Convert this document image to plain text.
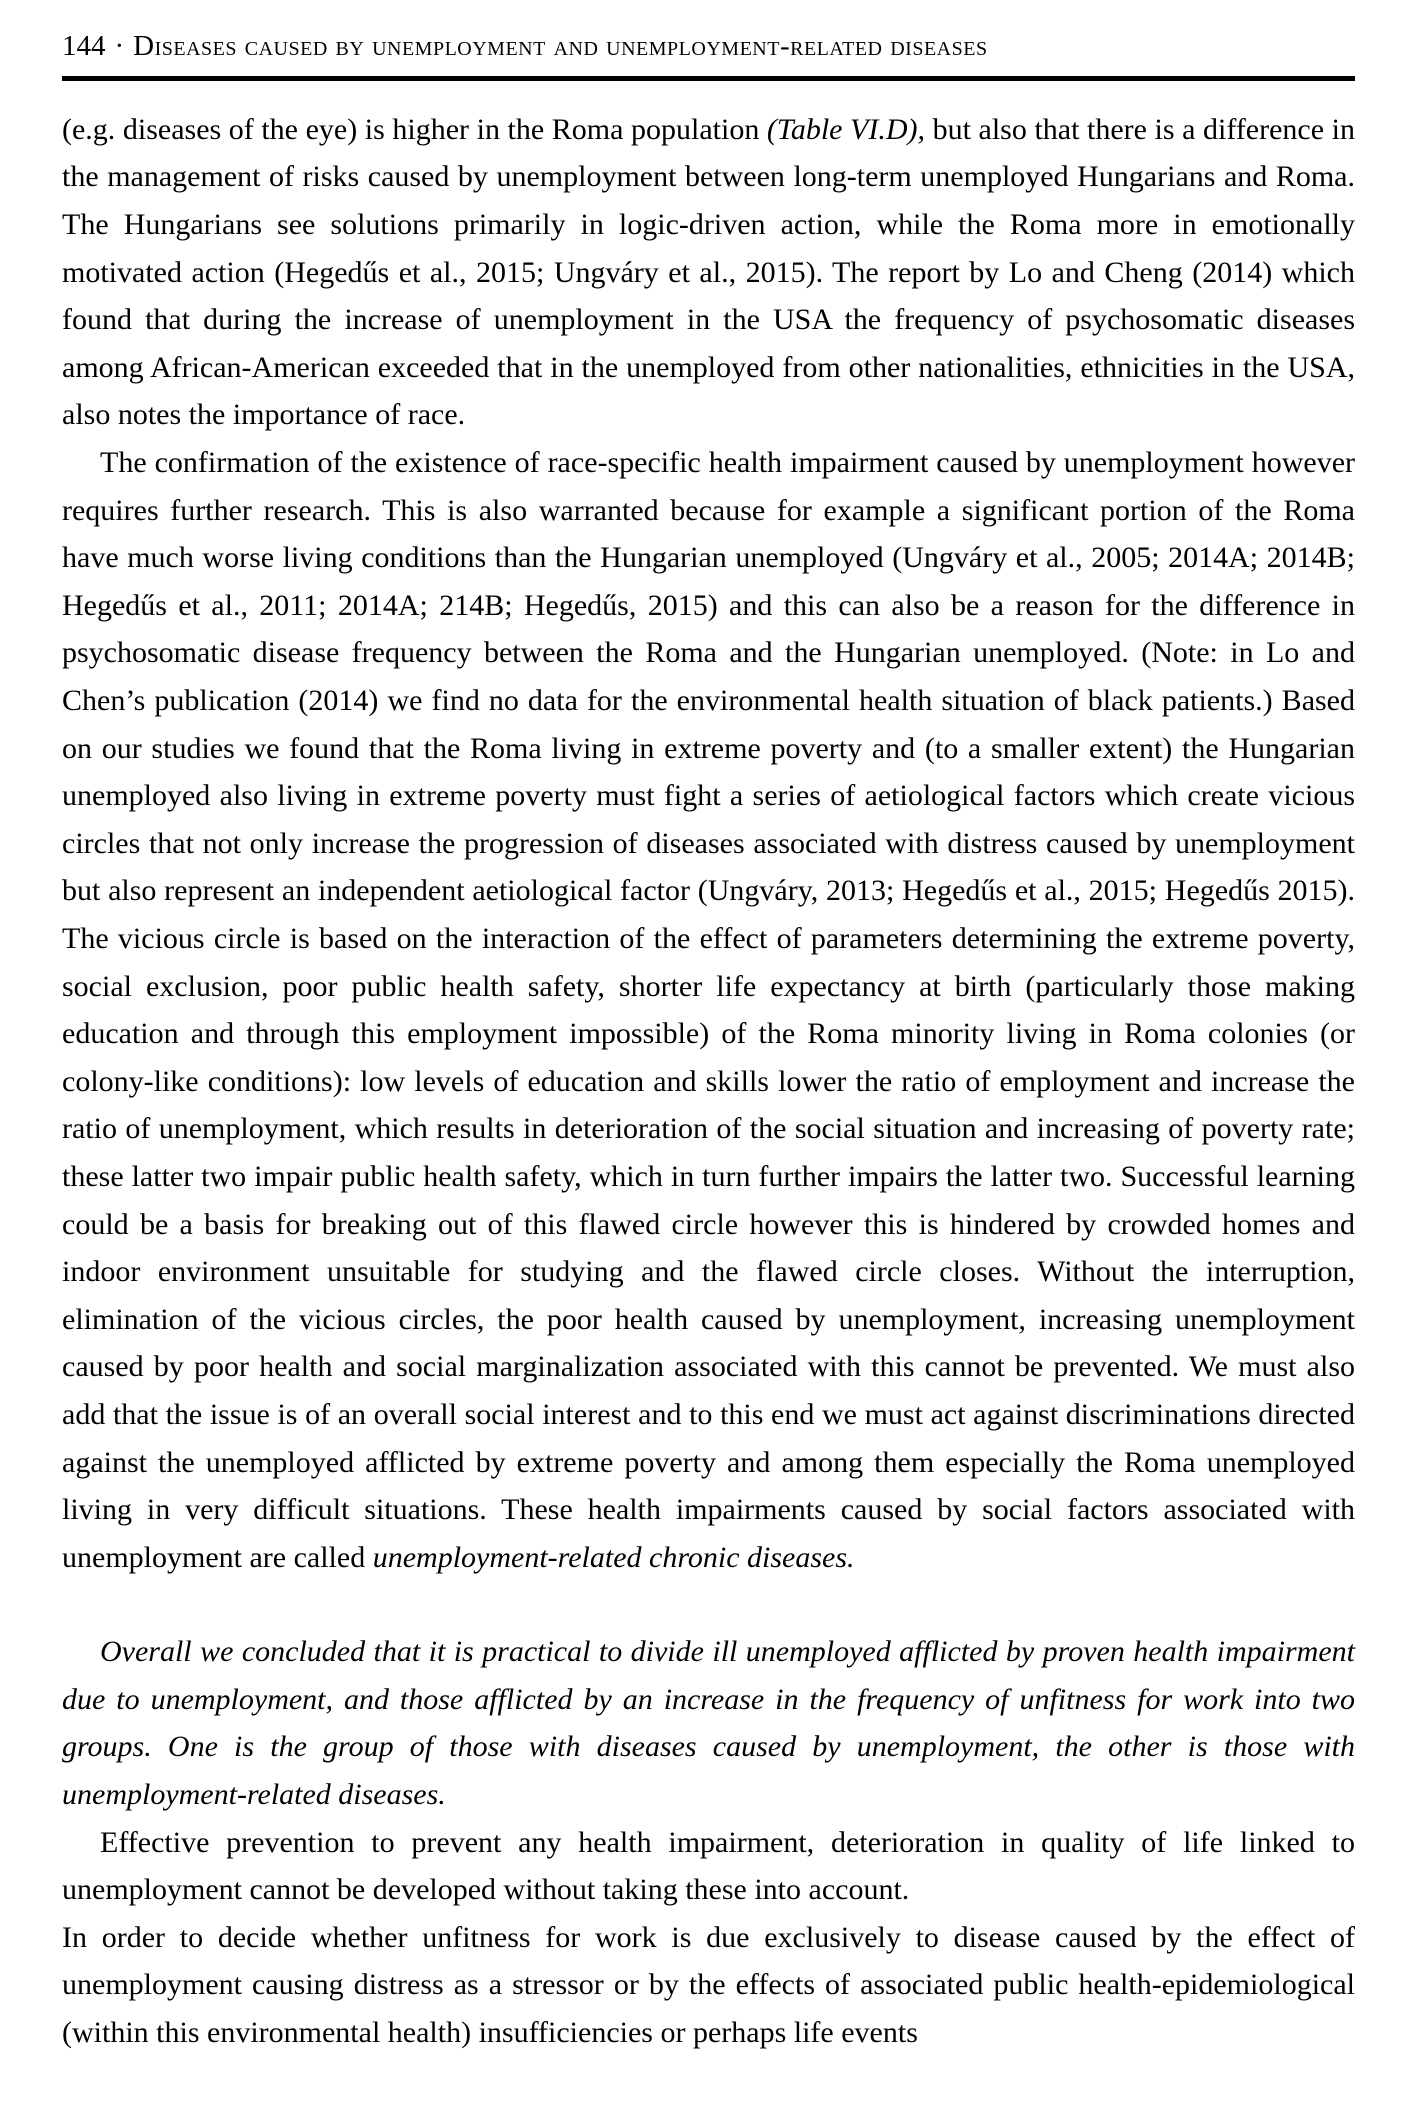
144 · Diseases caused by unemployment and unemployment-related diseases

(e.g. diseases of the eye) is higher in the Roma population (Table VI.D), but also that there is a difference in the management of risks caused by unemployment between long-term unemployed Hungarians and Roma. The Hungarians see solutions primarily in logic-driven action, while the Roma more in emotionally motivated action (Hegedűs et al., 2015; Ungváry et al., 2015). The report by Lo and Cheng (2014) which found that during the increase of unemployment in the USA the frequency of psychosomatic diseases among African-American exceeded that in the unemployed from other nationalities, ethnicities in the USA, also notes the importance of race.

The confirmation of the existence of race-specific health impairment caused by unemployment however requires further research. This is also warranted because for example a significant portion of the Roma have much worse living conditions than the Hungarian unemployed (Ungváry et al., 2005; 2014A; 2014B; Hegedűs et al., 2011; 2014A; 214B; Hegedűs, 2015) and this can also be a reason for the difference in psychosomatic disease frequency between the Roma and the Hungarian unemployed. (Note: in Lo and Chen’s publication (2014) we find no data for the environmental health situation of black patients.) Based on our studies we found that the Roma living in extreme poverty and (to a smaller extent) the Hungarian unemployed also living in extreme poverty must fight a series of aetiological factors which create vicious circles that not only increase the progression of diseases associated with distress caused by unemployment but also represent an independent aetiological factor (Ungváry, 2013; Hegedűs et al., 2015; Hegedűs 2015). The vicious circle is based on the interaction of the effect of parameters determining the extreme poverty, social exclusion, poor public health safety, shorter life expectancy at birth (particularly those making education and through this employment impossible) of the Roma minority living in Roma colonies (or colony-like conditions): low levels of education and skills lower the ratio of employment and increase the ratio of unemployment, which results in deterioration of the social situation and increasing of poverty rate; these latter two impair public health safety, which in turn further impairs the latter two. Successful learning could be a basis for breaking out of this flawed circle however this is hindered by crowded homes and indoor environment unsuitable for studying and the flawed circle closes. Without the interruption, elimination of the vicious circles, the poor health caused by unemployment, increasing unemployment caused by poor health and social marginalization associated with this cannot be prevented. We must also add that the issue is of an overall social interest and to this end we must act against discriminations directed against the unemployed afflicted by extreme poverty and among them especially the Roma unemployed living in very difficult situations. These health impairments caused by social factors associated with unemployment are called unemployment-related chronic diseases.

Overall we concluded that it is practical to divide ill unemployed afflicted by proven health impairment due to unemployment, and those afflicted by an increase in the frequency of unfitness for work into two groups. One is the group of those with diseases caused by unemployment, the other is those with unemployment-related diseases.

Effective prevention to prevent any health impairment, deterioration in quality of life linked to unemployment cannot be developed without taking these into account.

In order to decide whether unfitness for work is due exclusively to disease caused by the effect of unemployment causing distress as a stressor or by the effects of associated public health-epidemiological (within this environmental health) insufficiencies or perhaps life events
